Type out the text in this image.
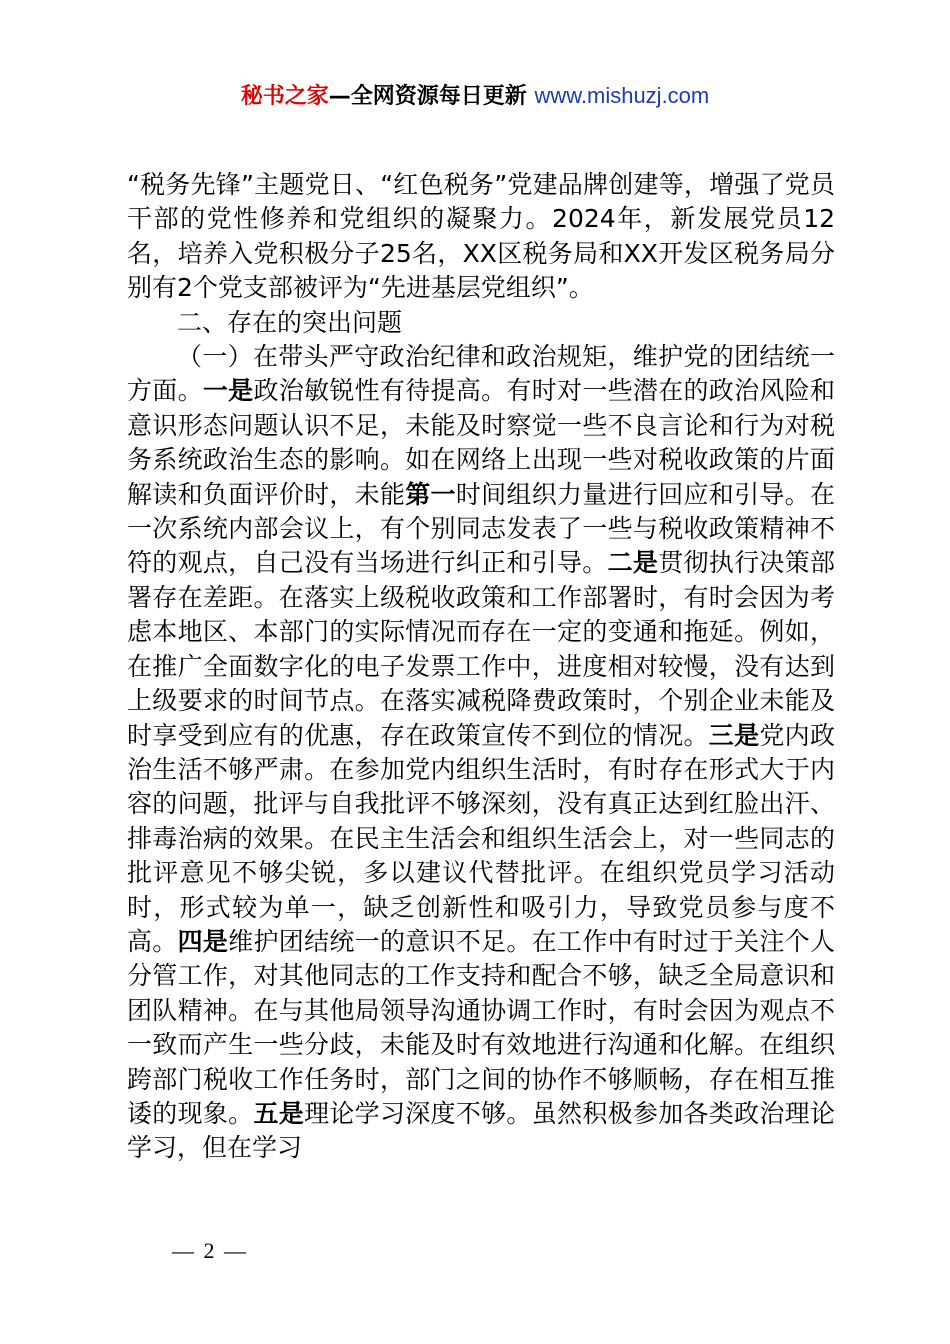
秘书之家—全网资源每日更新 www.mishuzj.com

“税务先锋”主题党日、“红色税务”党建品牌创建等，增强了党员干部的党性修养和党组织的凝聚力。2024年，新发展党员12名，培养入党积极分子25名，XX区税务局和XX开发区税务局分别有2个党支部被评为“先进基层党组织”。

二、存在的突出问题

（一）在带头严守政治纪律和政治规矩，维护党的团结统一方面。一是政治敏锐性有待提高。有时对一些潜在的政治风险和意识形态问题认识不足，未能及时察觉一些不良言论和行为对税务系统政治生态的影响。如在网络上出现一些对税收政策的片面解读和负面评价时，未能第一时间组织力量进行回应和引导。在一次系统内部会议上，有个别同志发表了一些与税收政策精神不符的观点，自己没有当场进行纠正和引导。二是贯彻执行决策部署存在差距。在落实上级税收政策和工作部署时，有时会因为考虑本地区、本部门的实际情况而存在一定的变通和拖延。例如，在推广全面数字化的电子发票工作中，进度相对较慢，没有达到上级要求的时间节点。在落实减税降费政策时，个别企业未能及时享受到应有的优惠，存在政策宣传不到位的情况。三是党内政治生活不够严肃。在参加党内组织生活时，有时存在形式大于内容的问题，批评与自我批评不够深刻，没有真正达到红脸出汗、排毒治病的效果。在民主生活会和组织生活会上，对一些同志的批评意见不够尖锐，多以建议代替批评。在组织党员学习活动时，形式较为单一，缺乏创新性和吸引力，导致党员参与度不高。四是维护团结统一的意识不足。在工作中有时过于关注个人分管工作，对其他同志的工作支持和配合不够，缺乏全局意识和团队精神。在与其他局领导沟通协调工作时，有时会因为观点不一致而产生一些分歧，未能及时有效地进行沟通和化解。在组织跨部门税收工作任务时，部门之间的协作不够顺畅，存在相互推诿的现象。五是理论学习深度不够。虽然积极参加各类政治理论学习，但在学习

— 2 —
